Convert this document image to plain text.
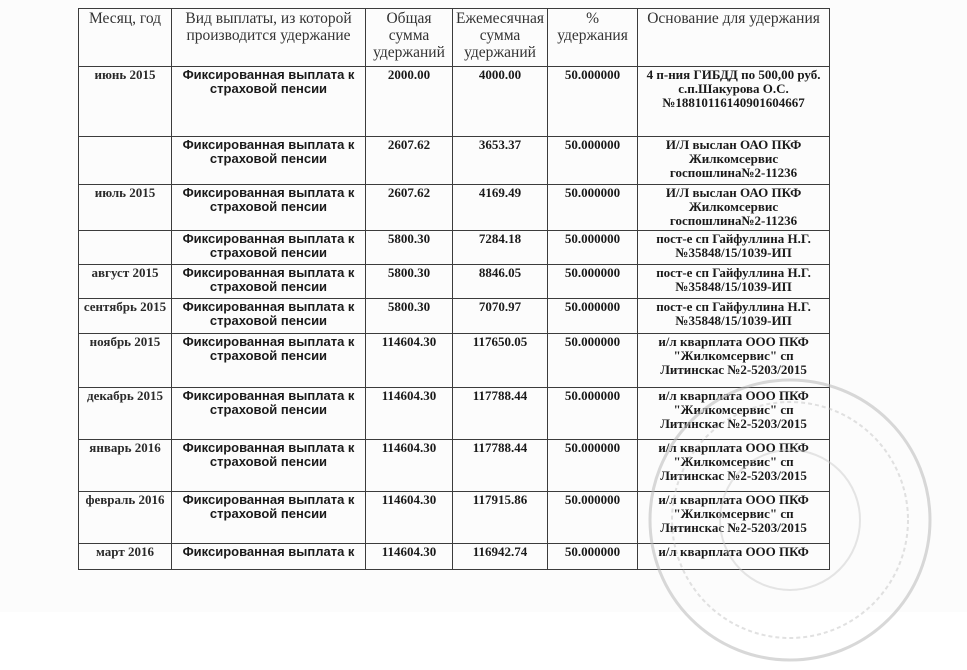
Месяц, год	Вид выплаты, из которой производится удержание	Общая сумма удержаний	Ежемесячная сумма удержаний	% удержания	Основание для удержания
июнь 2015	Фиксированная выплата к страховой пенсии	2000.00	4000.00	50.000000	4 п-ния ГИБДД по 500,00 руб. с.п.Шакурова О.С.№18810116140901604667
	Фиксированная выплата к страховой пенсии	2607.62	3653.37	50.000000	И/Л выслан ОАО ПКФ Жилкомсервис госпошлина№2-11236
июль 2015	Фиксированная выплата к страховой пенсии	2607.62	4169.49	50.000000	И/Л выслан ОАО ПКФ Жилкомсервис госпошлина№2-11236
	Фиксированная выплата к страховой пенсии	5800.30	7284.18	50.000000	пост-е сп Гайфуллина Н.Г.№35848/15/1039-ИП
август 2015	Фиксированная выплата к страховой пенсии	5800.30	8846.05	50.000000	пост-е сп Гайфуллина Н.Г.№35848/15/1039-ИП
сентябрь 2015	Фиксированная выплата к страховой пенсии	5800.30	7070.97	50.000000	пост-е сп Гайфуллина Н.Г.№35848/15/1039-ИП
ноябрь 2015	Фиксированная выплата к страховой пенсии	114604.30	117650.05	50.000000	и/л кварплата ООО ПКФ "Жилкомсервис" сп Литинскас №2-5203/2015
декабрь 2015	Фиксированная выплата к страховой пенсии	114604.30	117788.44	50.000000	и/л кварплата ООО ПКФ "Жилкомсервис" сп Литинскас №2-5203/2015
январь 2016	Фиксированная выплата к страховой пенсии	114604.30	117788.44	50.000000	и/л кварплата ООО ПКФ "Жилкомсервис" сп Литинскас №2-5203/2015
февраль 2016	Фиксированная выплата к страховой пенсии	114604.30	117915.86	50.000000	и/л кварплата ООО ПКФ "Жилкомсервис" сп Литинскас №2-5203/2015
март 2016	Фиксированная выплата к	114604.30	116942.74	50.000000	и/л кварплата ООО ПКФ
